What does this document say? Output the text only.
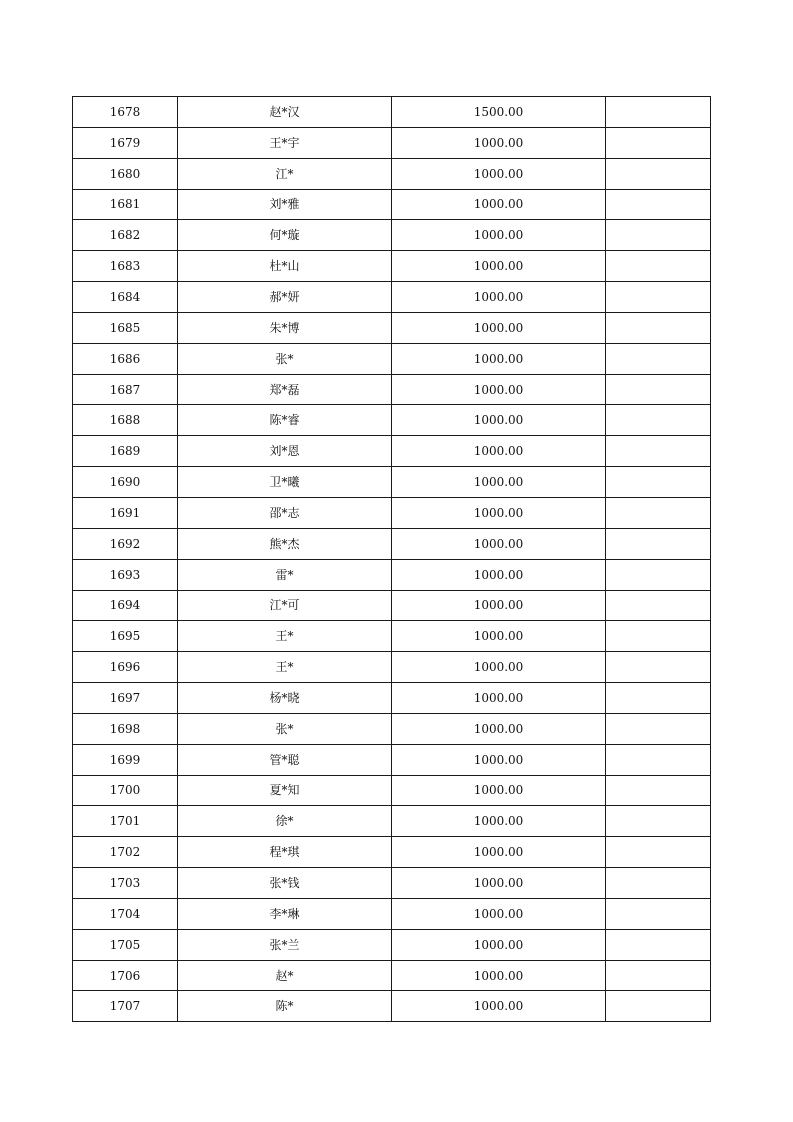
1678	赵*汉	1500.00	
1679	王*宇	1000.00	
1680	江*	1000.00	
1681	刘*雅	1000.00	
1682	何*璇	1000.00	
1683	杜*山	1000.00	
1684	郝*妍	1000.00	
1685	朱*博	1000.00	
1686	张*	1000.00	
1687	郑*磊	1000.00	
1688	陈*睿	1000.00	
1689	刘*恩	1000.00	
1690	卫*曦	1000.00	
1691	邵*志	1000.00	
1692	熊*杰	1000.00	
1693	雷*	1000.00	
1694	江*可	1000.00	
1695	王*	1000.00	
1696	王*	1000.00	
1697	杨*晓	1000.00	
1698	张*	1000.00	
1699	管*聪	1000.00	
1700	夏*知	1000.00	
1701	徐*	1000.00	
1702	程*琪	1000.00	
1703	张*钱	1000.00	
1704	李*琳	1000.00	
1705	张*兰	1000.00	
1706	赵*	1000.00	
1707	陈*	1000.00	
